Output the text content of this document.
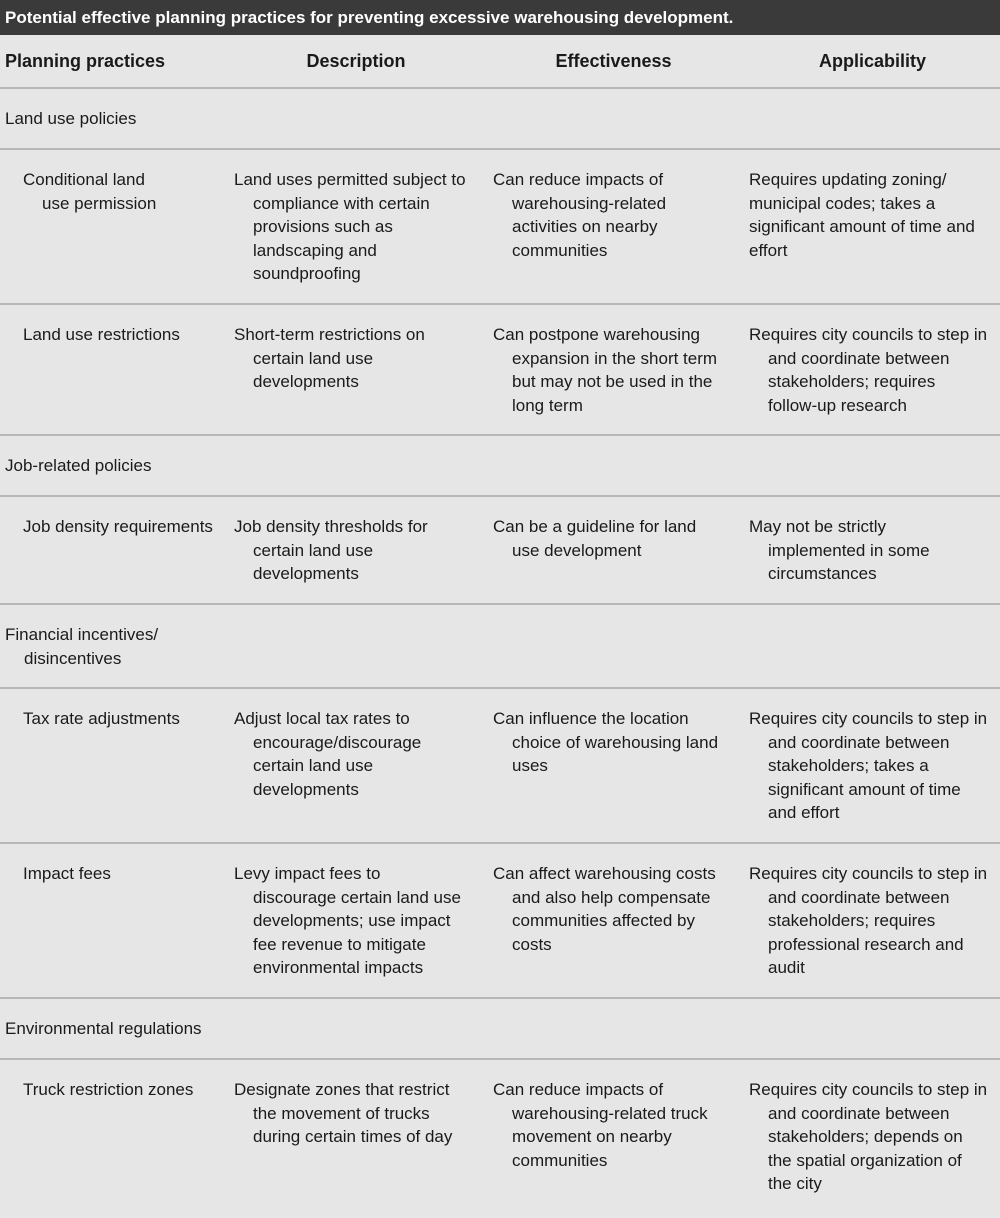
Potential effective planning practices for preventing excessive warehousing development.
Planning practices	Description	Effectiveness	Applicability

Land use policies			

Conditional land use permission	Land uses permitted subject to compliance with certain provisions such as landscaping and soundproofing	Can reduce impacts of warehousing-related activities on nearby communities	Requires updating zoning/ municipal codes; takes a significant amount of time and effort

Land use restrictions	Short-term restrictions on certain land use developments	Can postpone warehousing expansion in the short term but may not be used in the long term	Requires city councils to step in and coordinate between stakeholders; requires follow-up research

Job-related policies			

Job density requirements	Job density thresholds for certain land use developments	Can be a guideline for land use development	May not be strictly implemented in some circumstances

Financial incentives/ disincentives			

Tax rate adjustments	Adjust local tax rates to encourage/discourage certain land use developments	Can influence the location choice of warehousing land uses	Requires city councils to step in and coordinate between stakeholders; takes a significant amount of time and effort

Impact fees	Levy impact fees to discourage certain land use developments; use impact fee revenue to mitigate environmental impacts	Can affect warehousing costs and also help compensate communities affected by costs	Requires city councils to step in and coordinate between stakeholders; requires professional research and audit

Environmental regulations			

Truck restriction zones	Designate zones that restrict the movement of trucks during certain times of day	Can reduce impacts of warehousing-related truck movement on nearby communities	Requires city councils to step in and coordinate between stakeholders; depends on the spatial organization of the city
